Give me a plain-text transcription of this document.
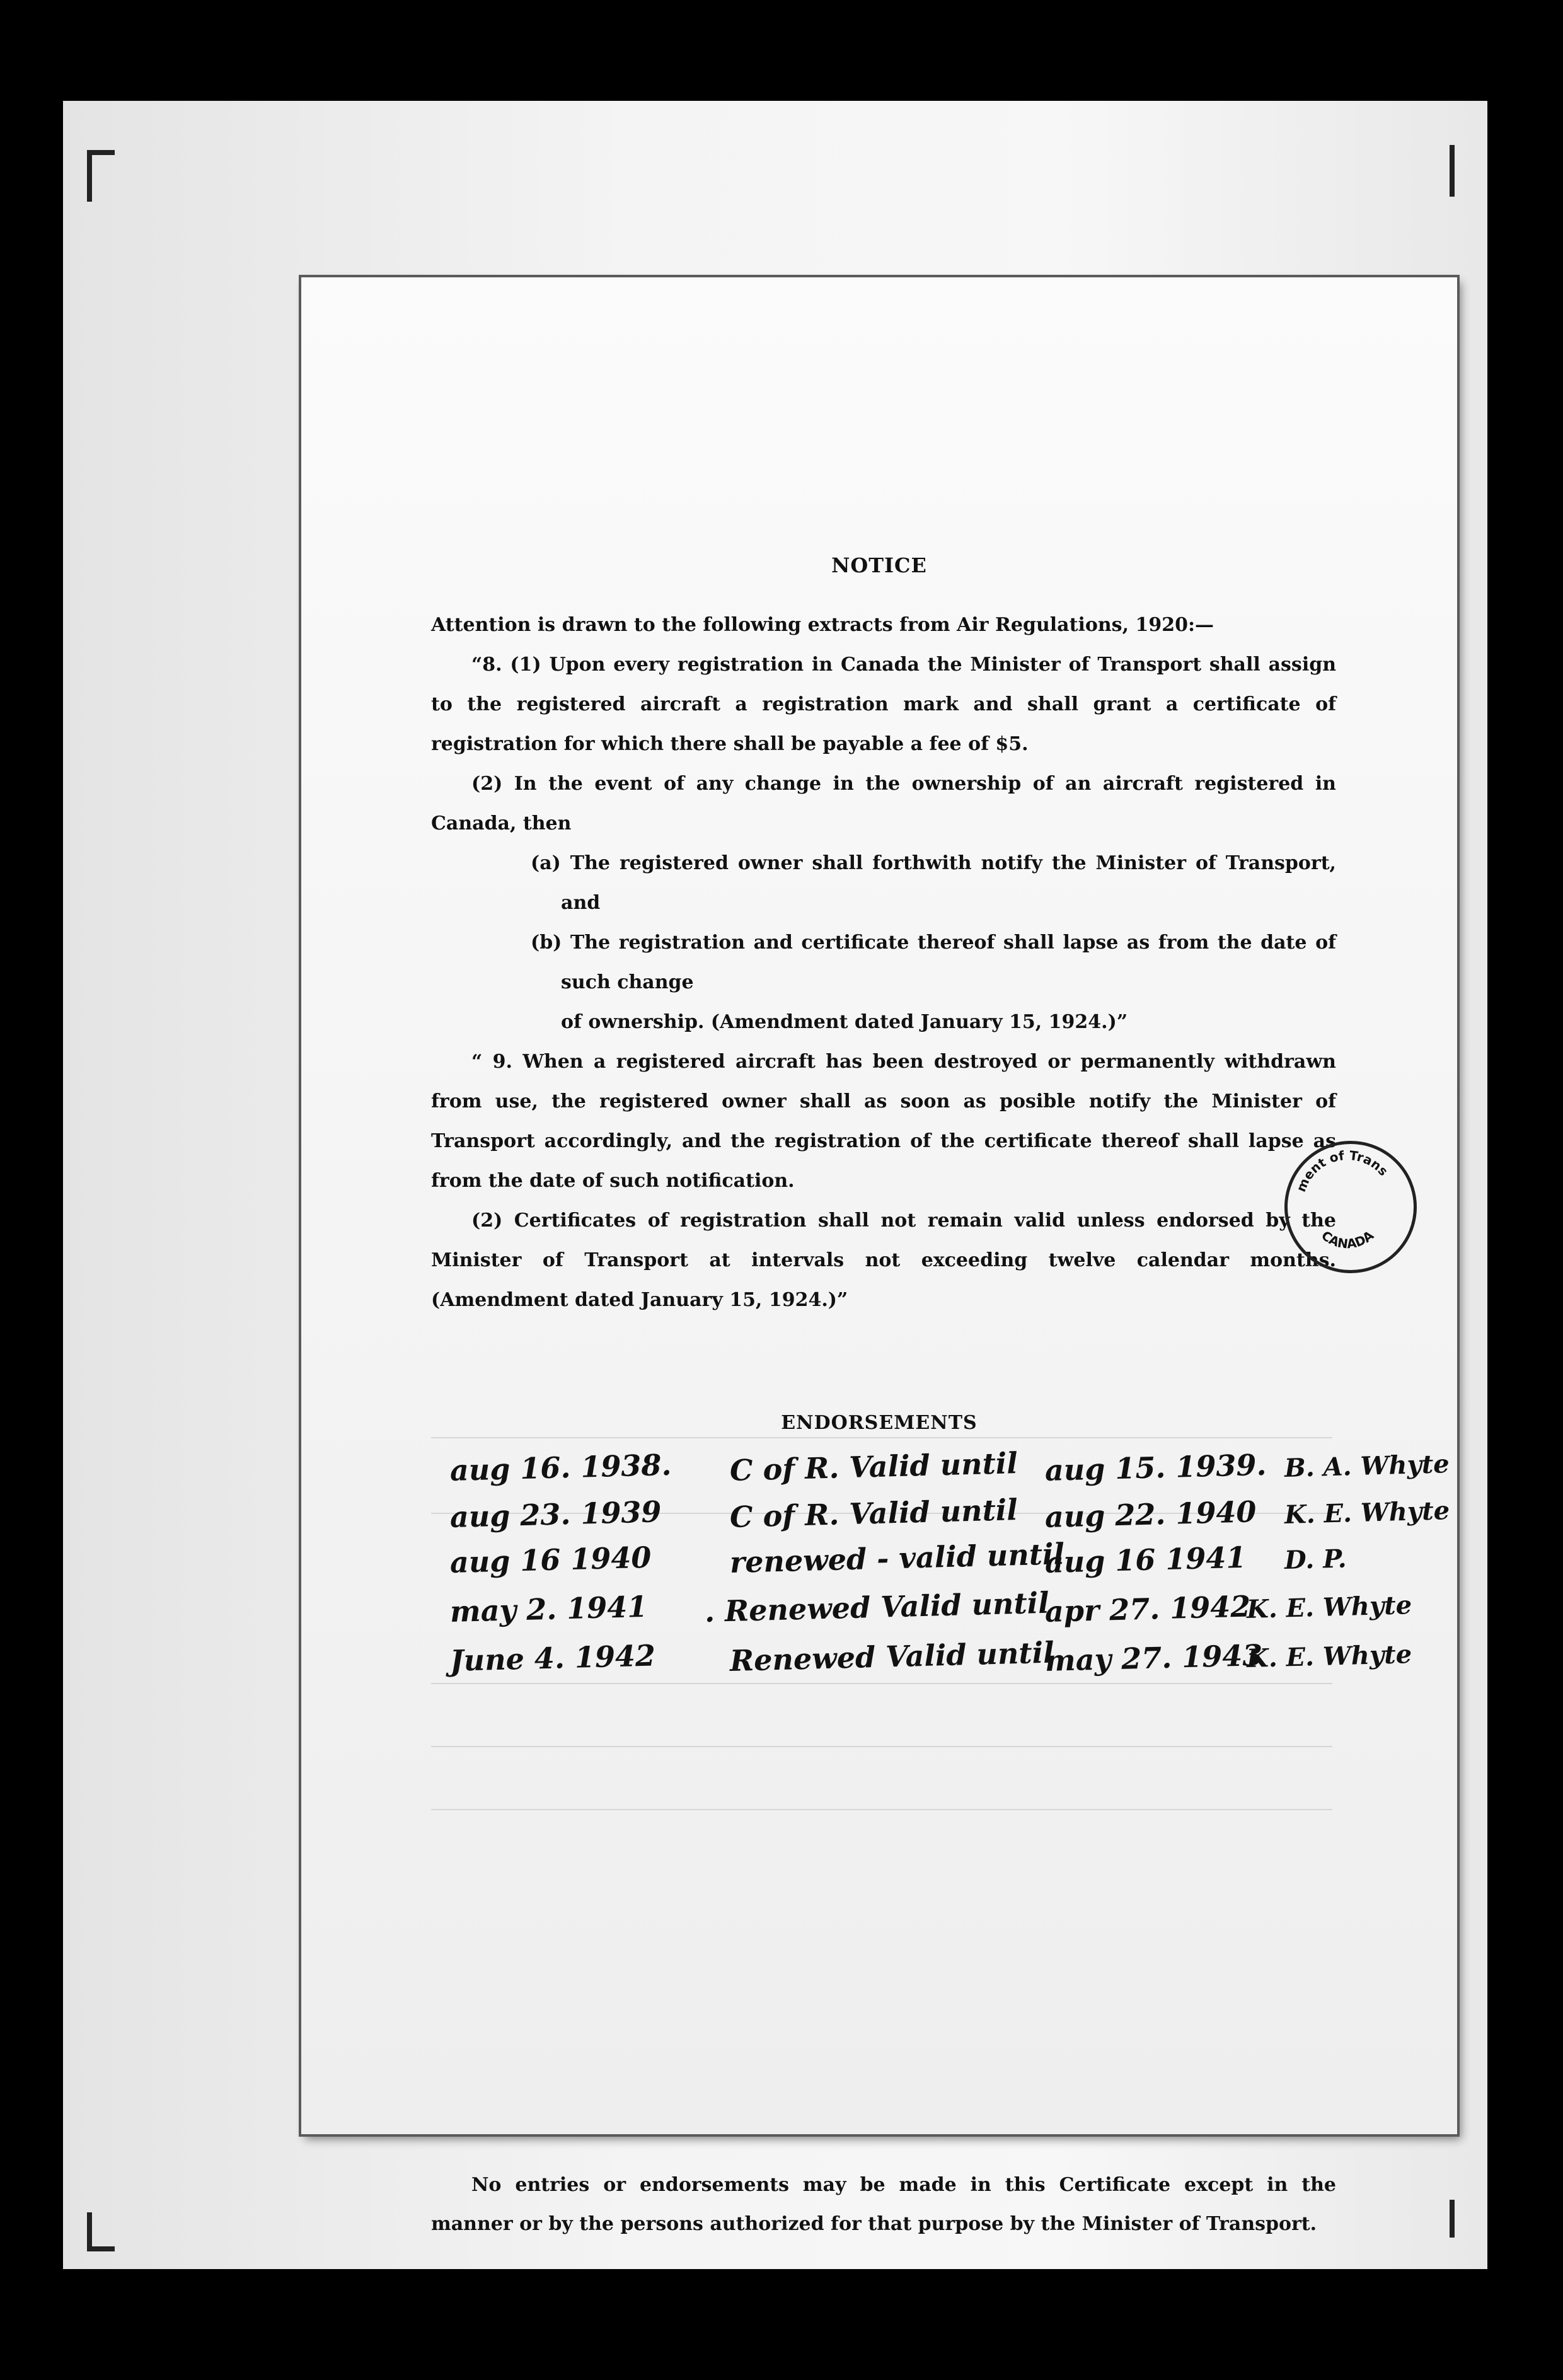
NOTICE

Attention is drawn to the following extracts from Air Regulations, 1920:—

“8. (1) Upon every registration in Canada the Minister of Transport shall assign to the registered aircraft a registration mark and shall grant a certificate of registration for which there shall be payable a fee of $5.

(2) In the event of any change in the ownership of an aircraft registered in Canada, then

(a) The registered owner shall forthwith notify the Minister of Transport, and

(b) The registration and certificate thereof shall lapse as from the date of such change

of ownership. (Amendment dated January 15, 1924.)”

“ 9. When a registered aircraft has been destroyed or permanently withdrawn from use, the registered owner shall as soon as posible notify the Minister of Transport accordingly, and the registration of the certificate thereof shall lapse as from the date of such notification.

(2) Certificates of registration shall not remain valid unless endorsed by the Minister of Transport at intervals not exceeding twelve calendar months. (Amendment dated January 15, 1924.)”

ENDORSEMENTS
aug 16. 1938. C of R. Valid until aug 15. 1939. B. A. Whyte
aug 23. 1939 C of R. Valid until aug 22. 1940 K. E. Whyte
aug 16 1940	renewed - valid until
aug 16 1941 D. P.
may 2. 1941 . Renewed Valid until
apr 27. 1942
K. E. Whyte
June 4. 1942	Renewed Valid until
may 27. 1943
K. E. Whyte
ment of Trans
CANADA

No entries or endorsements may be made in this Certificate except in the manner or by the persons authorized for that purpose by the Minister of Transport.
